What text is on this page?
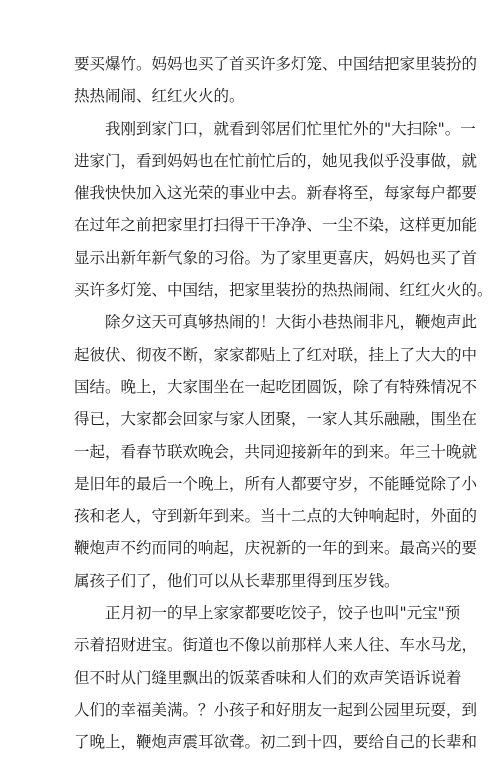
要买爆竹。妈妈也买了首买许多灯笼、中国结把家里装扮的
热热闹闹、红红火火的。
我刚到家门口，就看到邻居们忙里忙外的"大扫除"。一
进家门，看到妈妈也在忙前忙后的，她见我似乎没事做，就
催我快快加入这光荣的事业中去。新春将至，每家每户都要
在过年之前把家里打扫得干干净净、一尘不染，这样更加能
显示出新年新气象的习俗。为了家里更喜庆，妈妈也买了首
买许多灯笼、中国结，把家里装扮的热热闹闹、红红火火的。
除夕这天可真够热闹的！大街小巷热闹非凡，鞭炮声此
起彼伏、彻夜不断，家家都贴上了红对联，挂上了大大的中
国结。晚上，大家围坐在一起吃团圆饭，除了有特殊情况不
得已，大家都会回家与家人团聚，一家人其乐融融，围坐在
一起，看春节联欢晚会，共同迎接新年的到来。年三十晚就
是旧年的最后一个晚上，所有人都要守岁，不能睡觉除了小
孩和老人，守到新年到来。当十二点的大钟响起时，外面的
鞭炮声不约而同的响起，庆祝新的一年的到来。最高兴的要
属孩子们了，他们可以从长辈那里得到压岁钱。
正月初一的早上家家都要吃饺子，饺子也叫"元宝"预
示着招财进宝。街道也不像以前那样人来人往、车水马龙，
但不时从门缝里飘出的饭菜香味和人们的欢声笑语诉说着
人们的幸福美满。？小孩子和好朋友一起到公园里玩耍，到
了晚上，鞭炮声震耳欲聋。初二到十四，要给自己的长辈和
